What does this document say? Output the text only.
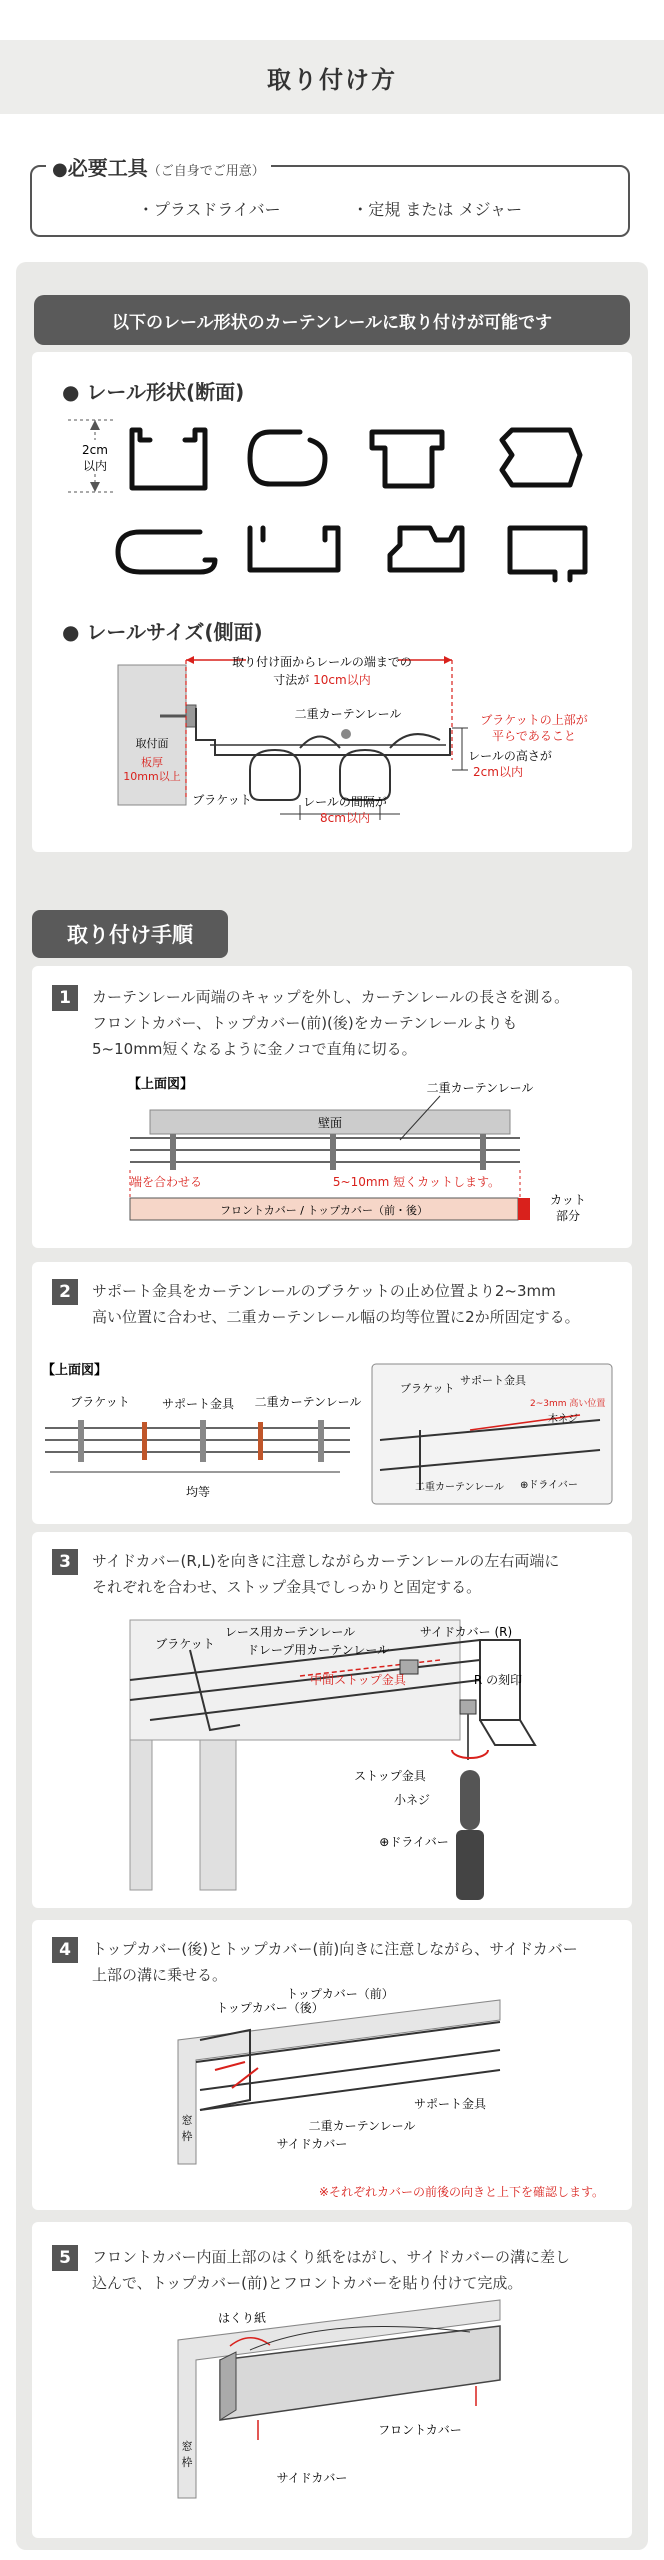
取り付け方
●必要工具（ご自身でご用意）
・プラスドライバー	・定規 または メジャー
以下のレール形状のカーテンレールに取り付けが可能です
● レール形状(断面)
2cm
以内
● レールサイズ(側面)
取付面
板厚
10mm以上
取り付け面からレールの端までの
寸法が 10cm以内
二重カーテンレール
ブラケット	レールの間隔が
8cm以内
ブラケットの上部が
平らであること
レールの高さが
2cm以内
取り付け手順
1	カーテンレール両端のキャップを外し、カーテンレールの長さを測る。
フロントカバー、トップカバー(前)(後)をカーテンレールよりも
5~10mm短くなるように金ノコで直角に切る。
【上面図】
壁面
二重カーテンレール
端を合わせる	5~10mm 短くカットします。
フロントカバー / トップカバー（前・後）
カット
部分
2	サポート金具をカーテンレールのブラケットの止め位置より2~3mm
高い位置に合わせ、二重カーテンレール幅の均等位置に2か所固定する。
【上面図】
ブラケット	サポート金具 二重カーテンレール
均等
ブラケット
サポート金具
2~3mm 高い位置
木ネジ
二重カーテンレール ⊕ドライバー
3	サイドカバー(R,L)を向きに注意しながらカーテンレールの左右両端に
それぞれを合わせ、ストップ金具でしっかりと固定する。
ブラケット
レース用カーテンレール
ドレープ用カーテンレール
サイドカバー (R)
中間ストップ金具	R の刻印
ストップ金具
小ネジ
⊕ドライバー
4	トップカバー(後)とトップカバー(前)向きに注意しながら、サイドカバー
上部の溝に乗せる。
トップカバー（後）
トップカバー（前）
サポート金具
二重カーテンレール
サイドカバー
窓
枠
※それぞれカバーの前後の向きと上下を確認します。
5	フロントカバー内面上部のはくり紙をはがし、サイドカバーの溝に差し
込んで、トップカバー(前)とフロントカバーを貼り付けて完成。
はくり紙
フロントカバー
サイドカバー
窓
枠
